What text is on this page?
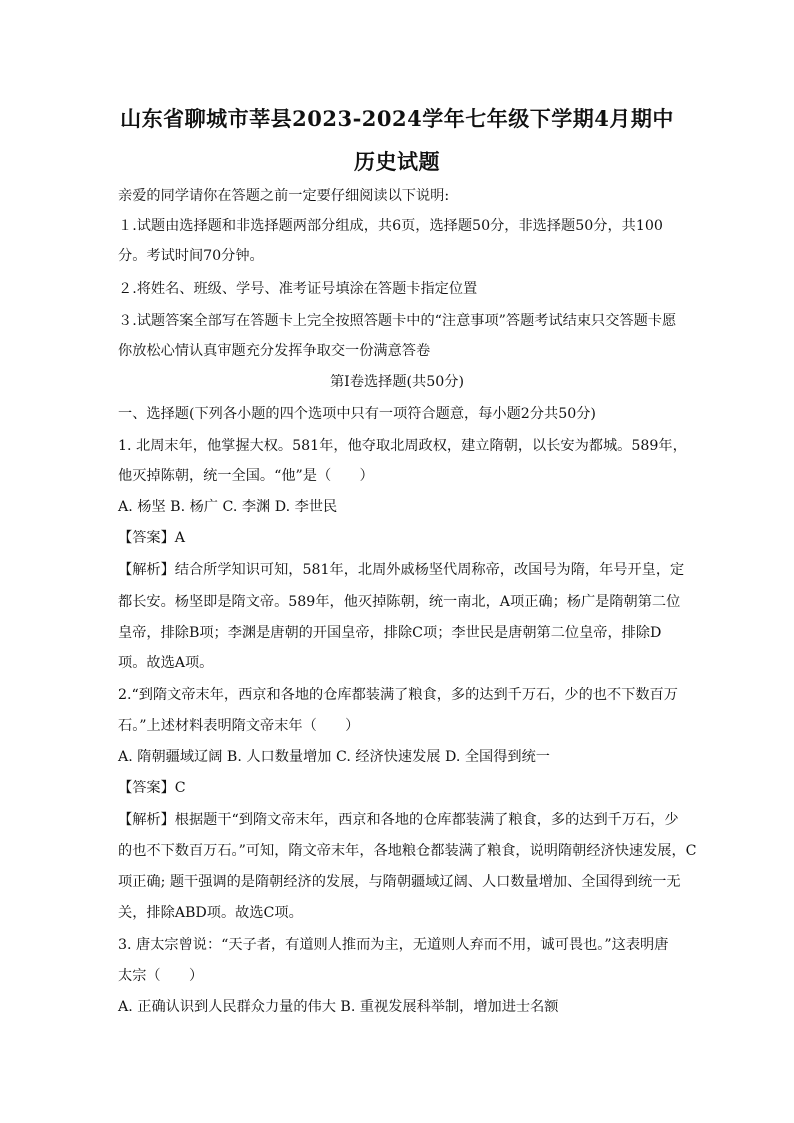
山东省聊城市莘县2023-2024学年七年级下学期4月期中
历史试题
亲爱的同学请你在答题之前一定要仔细阅读以下说明:
１.试题由选择题和非选择题两部分组成，共6页，选择题50分，非选择题50分，共100
分。考试时间70分钟。
２.将姓名、班级、学号、准考证号填涂在答题卡指定位置
３.试题答案全部写在答题卡上完全按照答题卡中的“注意事项”答题考试结束只交答题卡愿
你放松心情认真审题充分发挥争取交一份满意答卷
第Ⅰ卷选择题(共50分)
一、选择题(下列各小题的四个选项中只有一项符合题意，每小题2分共50分)
1. 北周末年，他掌握大权。581年，他夺取北周政权，建立隋朝，以长安为都城。589年，
他灭掉陈朝，统一全国。“他”是（　　）
A. 杨坚 B. 杨广 C. 李渊 D. 李世民
【答案】A
【解析】结合所学知识可知，581年，北周外戚杨坚代周称帝，改国号为隋，年号开皇，定
都长安。杨坚即是隋文帝。589年，他灭掉陈朝，统一南北，A项正确；杨广是隋朝第二位
皇帝，排除B项；李渊是唐朝的开国皇帝，排除C项；李世民是唐朝第二位皇帝，排除D
项。故选A项。
2.“到隋文帝末年，西京和各地的仓库都装满了粮食，多的达到千万石，少的也不下数百万
石。”上述材料表明隋文帝末年（　　）
A. 隋朝疆域辽阔 B. 人口数量增加 C. 经济快速发展 D. 全国得到统一
【答案】C
【解析】根据题干“到隋文帝末年，西京和各地的仓库都装满了粮食，多的达到千万石，少
的也不下数百万石。”可知，隋文帝末年，各地粮仓都装满了粮食，说明隋朝经济快速发展，C
项正确; 题干强调的是隋朝经济的发展，与隋朝疆域辽阔、人口数量增加、全国得到统一无
关，排除ABD项。故选C项。
3. 唐太宗曾说：“天子者，有道则人推而为主，无道则人弃而不用，诚可畏也。”这表明唐
太宗（　　）
A. 正确认识到人民群众力量的伟大 B. 重视发展科举制，增加进士名额
